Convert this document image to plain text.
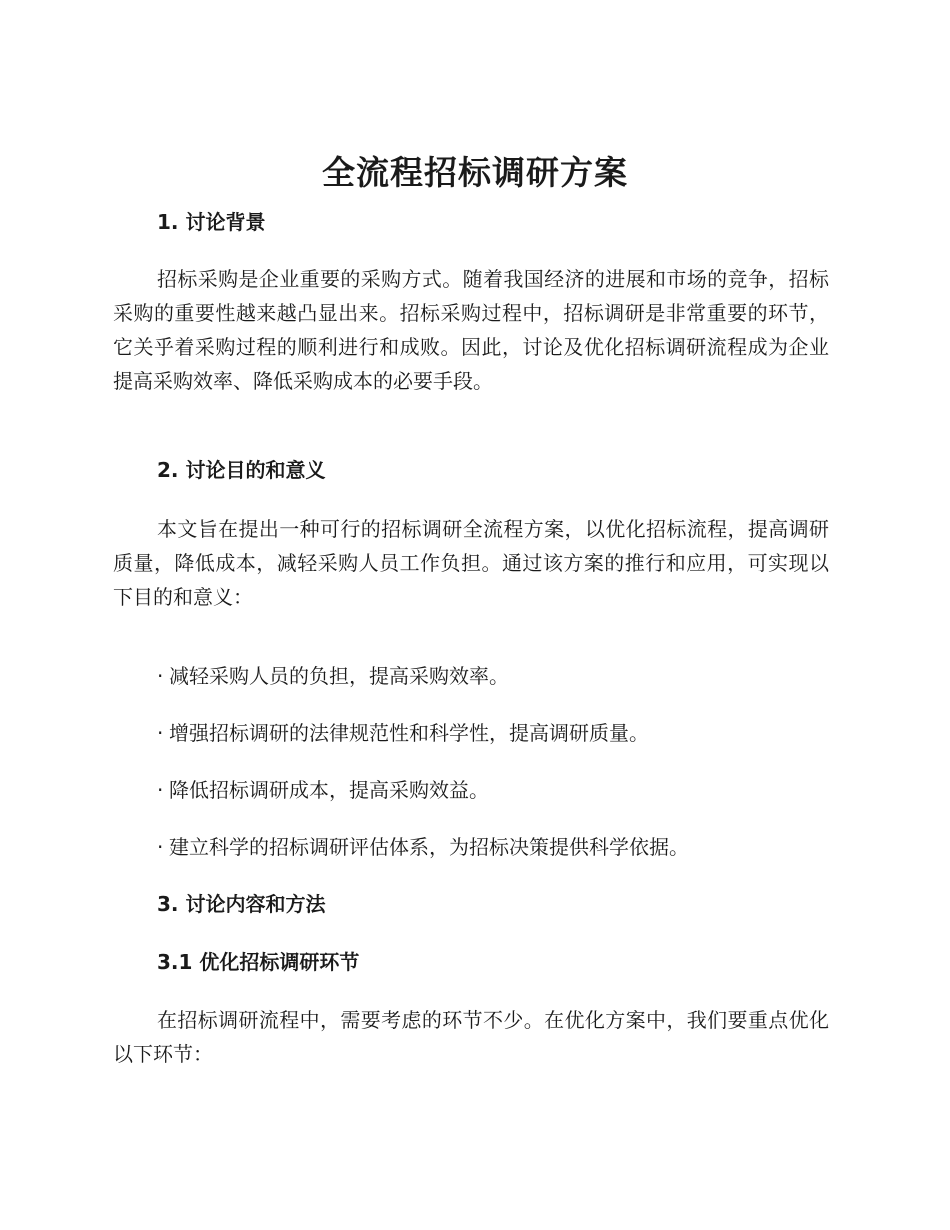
全流程招标调研方案
1. 讨论背景

招标采购是企业重要的采购方式。随着我国经济的进展和市场的竞争，招标采购的重要性越来越凸显出来。招标采购过程中，招标调研是非常重要的环节，它关乎着采购过程的顺利进行和成败。因此，讨论及优化招标调研流程成为企业提高采购效率、降低采购成本的必要手段。

2. 讨论目的和意义

本文旨在提出一种可行的招标调研全流程方案，以优化招标流程，提高调研质量，降低成本，减轻采购人员工作负担。通过该方案的推行和应用，可实现以下目的和意义：

· 减轻采购人员的负担，提高采购效率。

· 增强招标调研的法律规范性和科学性，提高调研质量。

· 降低招标调研成本，提高采购效益。

· 建立科学的招标调研评估体系，为招标决策提供科学依据。

3. 讨论内容和方法
3.1 优化招标调研环节

在招标调研流程中，需要考虑的环节不少。在优化方案中，我们要重点优化以下环节：
